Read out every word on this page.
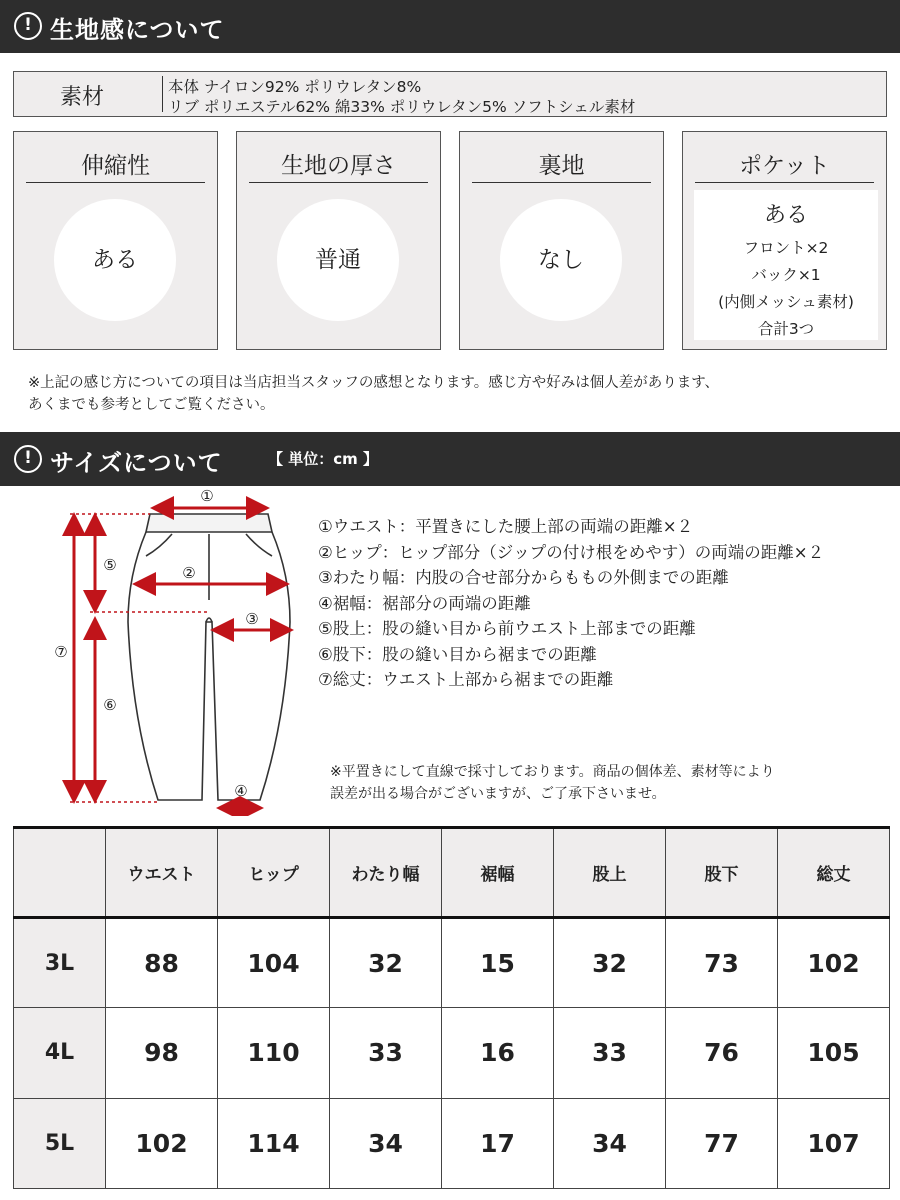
! 生地感について
素材	本体 ナイロン92% ポリウレタン8%
リブ ポリエステル62% 綿33% ポリウレタン5% ソフトシェル素材
伸縮性
ある
生地の厚さ
普通
裏地
なし
ポケット
ある
フロント×2
バック×1
(内側メッシュ素材)
合計3つ
※上記の感じ方についての項目は当店担当スタッフの感想となります。感じ方や好みは個人差があります、
あくまでも参考としてご覧ください。
! サイズについて	【 単位：cm 】
①
②
③
④
⑤
⑥
⑦
①ウエスト：平置きにした腰上部の両端の距離×２
②ヒップ：ヒップ部分（ジップの付け根をめやす）の両端の距離×２
③わたり幅：内股の合せ部分からももの外側までの距離
④裾幅：裾部分の両端の距離
⑤股上：股の縫い目から前ウエスト上部までの距離
⑥股下：股の縫い目から裾までの距離
⑦総丈：ウエスト上部から裾までの距離
※平置きにして直線で採寸しております。商品の個体差、素材等により
誤差が出る場合がございますが、ご了承下さいませ。
	ウエスト	ヒップ	わたり幅	裾幅	股上	股下	総丈
3L	88	104	32	15	32	73	102
4L	98	110	33	16	33	76	105
5L	102	114	34	17	34	77	107
